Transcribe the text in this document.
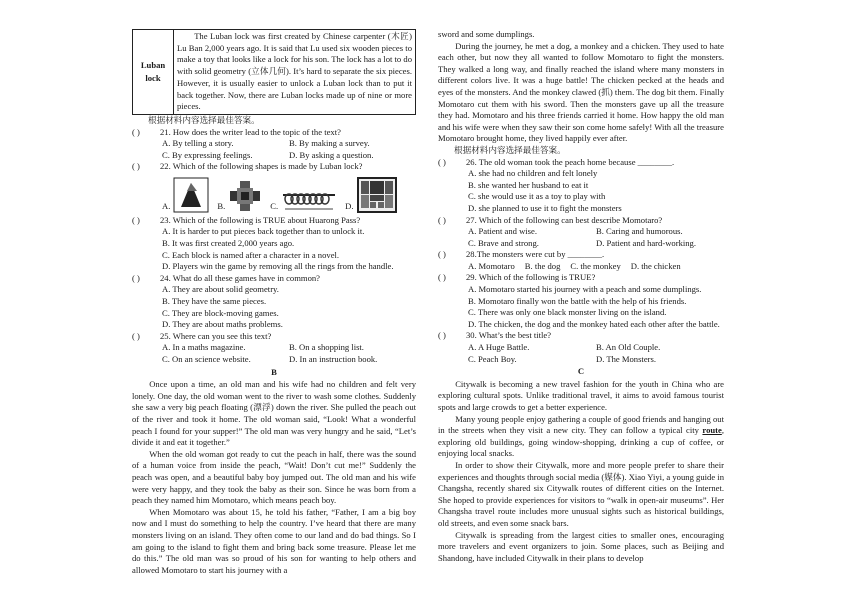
Luban
lock
	The Luban lock was first created by Chinese carpenter (木匠) Lu Ban 2,000 years ago. It is said that Lu used six wooden pieces to make a toy that looks like a lock for his son. The lock has a lot to do with solid geometry (立体几何). It’s hard to separate the six pieces. However, it is usually easier to unlock a Luban lock than to put it back together. Now, there are Luban locks made up of nine or more pieces.

根据材料内容选择最佳答案。

( )	21. How does the writer lead to the topic of the text?
A. By telling a story.	B. By making a survey.
C. By expressing feelings.	D. By asking a question.
( )	22. Which of the following shapes is made by Luban lock?
A.	B.	C.	D.
( )	23. Which of the following is TRUE about Huarong Pass?
A. It is harder to put pieces back together than to unlock it.
B. It was first created 2,000 years ago.
C. Each block is named after a character in a novel.
D. Players win the game by removing all the rings from the handle.
( )	24. What do all these games have in common?
A. They are about solid geometry.
B. They have the same pieces.
C. They are block-moving games.
D. They are about maths problems.
( )	25. Where can you see this text?
A. In a maths magazine.	B. On a shopping list.
C. On an science website.	D. In an instruction book.
B

Once upon a time, an old man and his wife had no children and felt very lonely. One day, the old woman went to the river to wash some clothes. Suddenly she saw a very big peach floating (漂浮) down the river. She pulled the peach out of the river and took it home. The old woman said, “Look! What a wonderful peach I found for your supper!” The old man was very hungry and he said, “Let’s divide it and eat it together.”

When the old woman got ready to cut the peach in half, there was the sound of a human voice from inside the peach, “Wait! Don’t cut me!” Suddenly the peach was open, and a beautiful baby boy jumped out. The old man and his wife were very happy, and they took the baby as their son. Since he was born from a peach they named him Momotaro, which means peach boy.

When Momotaro was about 15, he told his father, “Father, I am a big boy now and I must do something to help the country. I’ve heard that there are many monsters living on an island. They often come to our land and do bad things. So I am going to the island to fight them and bring back some treasure. Please let me do this.” The old man was so proud of his son for wanting to help others and allowed Momotaro to start his journey with a

sword and some dumplings.

During the journey, he met a dog, a monkey and a chicken. They used to hate each other, but now they all wanted to follow Momotaro to fight the monsters. They walked a long way, and finally reached the island where many monsters in different colors live. It was a huge battle! The chicken pecked at the heads and eyes of the monsters. And the monkey clawed (抓) them. The dog bit them. Finally Momotaro cut them with his sword. Then the monsters gave up all the treasure they had. Momotaro and his three friends carried it home. How happy the old man and his wife were when they saw their son come home safely! With all the treasure Momotaro brought home, they lived happily ever after.

根据材料内容选择最佳答案。

( )	26. The old woman took the peach home because ________.
A. she had no children and felt lonely
B. she wanted her husband to eat it
C. she would use it as a toy to play with
D. she planned to use it to fight the monsters
( )	27. Which of the following can best describe Momotaro?
A. Patient and wise.	B. Caring and humorous.
C. Brave and strong.	D. Patient and hard-working.
( )	28.The monsters were cut by ________.
A. Momotaro B. the dog C. the monkey D. the chicken
( )	29. Which of the following is TRUE?
A. Momotaro started his journey with a peach and some dumplings.
B. Momotaro finally won the battle with the help of his friends.
C. There was only one black monster living on the island.
D. The chicken, the dog and the monkey hated each other after the battle.
( )	30. What’s the best title?
A. A Huge Battle.	B. An Old Couple.
C. Peach Boy.	D. The Monsters.
C

Citywalk is becoming a new travel fashion for the youth in China who are exploring cultural spots. Unlike traditional travel, it aims to avoid famous tourist spots and large crowds to get a better experience.

Many young people enjoy gathering a couple of good friends and hanging out in the streets when they visit a new city. They can follow a typical city route, exploring old buildings, going window-shopping, drinking a cup of coffee, or enjoying local snacks.

In order to show their Citywalk, more and more people prefer to share their experiences and thoughts through social media (媒体). Xiao Yiyi, a young guide in Changsha, recently shared six Citywalk routes of different cities on the Internet. She hoped to provide experiences for visitors to “walk in open-air museums”. Her Changsha travel route includes more unusual sights such as historical buildings, old streets, and even some snack bars.

Citywalk is spreading from the largest cities to smaller ones, encouraging more travelers and event organizers to join. Some places, such as Beijing and Shandong, have included Citywalk in their plans to develop
